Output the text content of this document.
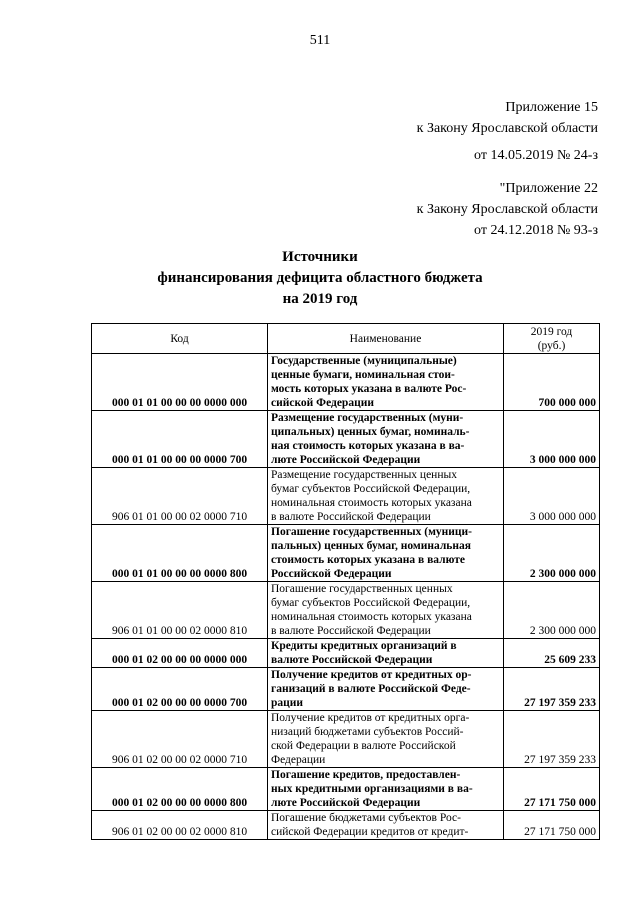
511
Приложение 15
к Закону Ярославской области
от 14.05.2019 № 24-з
"Приложение 22
к Закону Ярославской области
от 24.12.2018 № 93-з
Источники
финансирования дефицита областного бюджета
на 2019 год
Код	Наименование	2019 год
(руб.)

000 01 01 00 00 00 0000 000	Государственные (муниципальные)
ценные бумаги, номинальная стои-
мость которых указана в валюте Рос-
сийской Федерации	700 000 000
000 01 01 00 00 00 0000 700	Размещение государственных (муни-
ципальных) ценных бумаг, номиналь-
ная стоимость которых указана в ва-
люте Российской Федерации	3 000 000 000
906 01 01 00 00 02 0000 710	Размещение государственных ценных
бумаг субъектов Российской Федерации,
номинальная стоимость которых указана
в валюте Российской Федерации	3 000 000 000
000 01 01 00 00 00 0000 800	Погашение государственных (муници-
пальных) ценных бумаг, номинальная
стоимость которых указана в валюте
Российской Федерации	2 300 000 000
906 01 01 00 00 02 0000 810	Погашение государственных ценных
бумаг субъектов Российской Федерации,
номинальная стоимость которых указана
в валюте Российской Федерации	2 300 000 000
000 01 02 00 00 00 0000 000	Кредиты кредитных организаций в
валюте Российской Федерации	25 609 233
000 01 02 00 00 00 0000 700	Получение кредитов от кредитных ор-
ганизаций в валюте Российской Феде-
рации	27 197 359 233
906 01 02 00 00 02 0000 710	Получение кредитов от кредитных орга-
низаций бюджетами субъектов Россий-
ской Федерации в валюте Российской
Федерации	27 197 359 233
000 01 02 00 00 00 0000 800	Погашение кредитов, предоставлен-
ных кредитными организациями в ва-
люте Российской Федерации	27 171 750 000
906 01 02 00 00 02 0000 810	Погашение бюджетами субъектов Рос-
сийской Федерации кредитов от кредит-	27 171 750 000
